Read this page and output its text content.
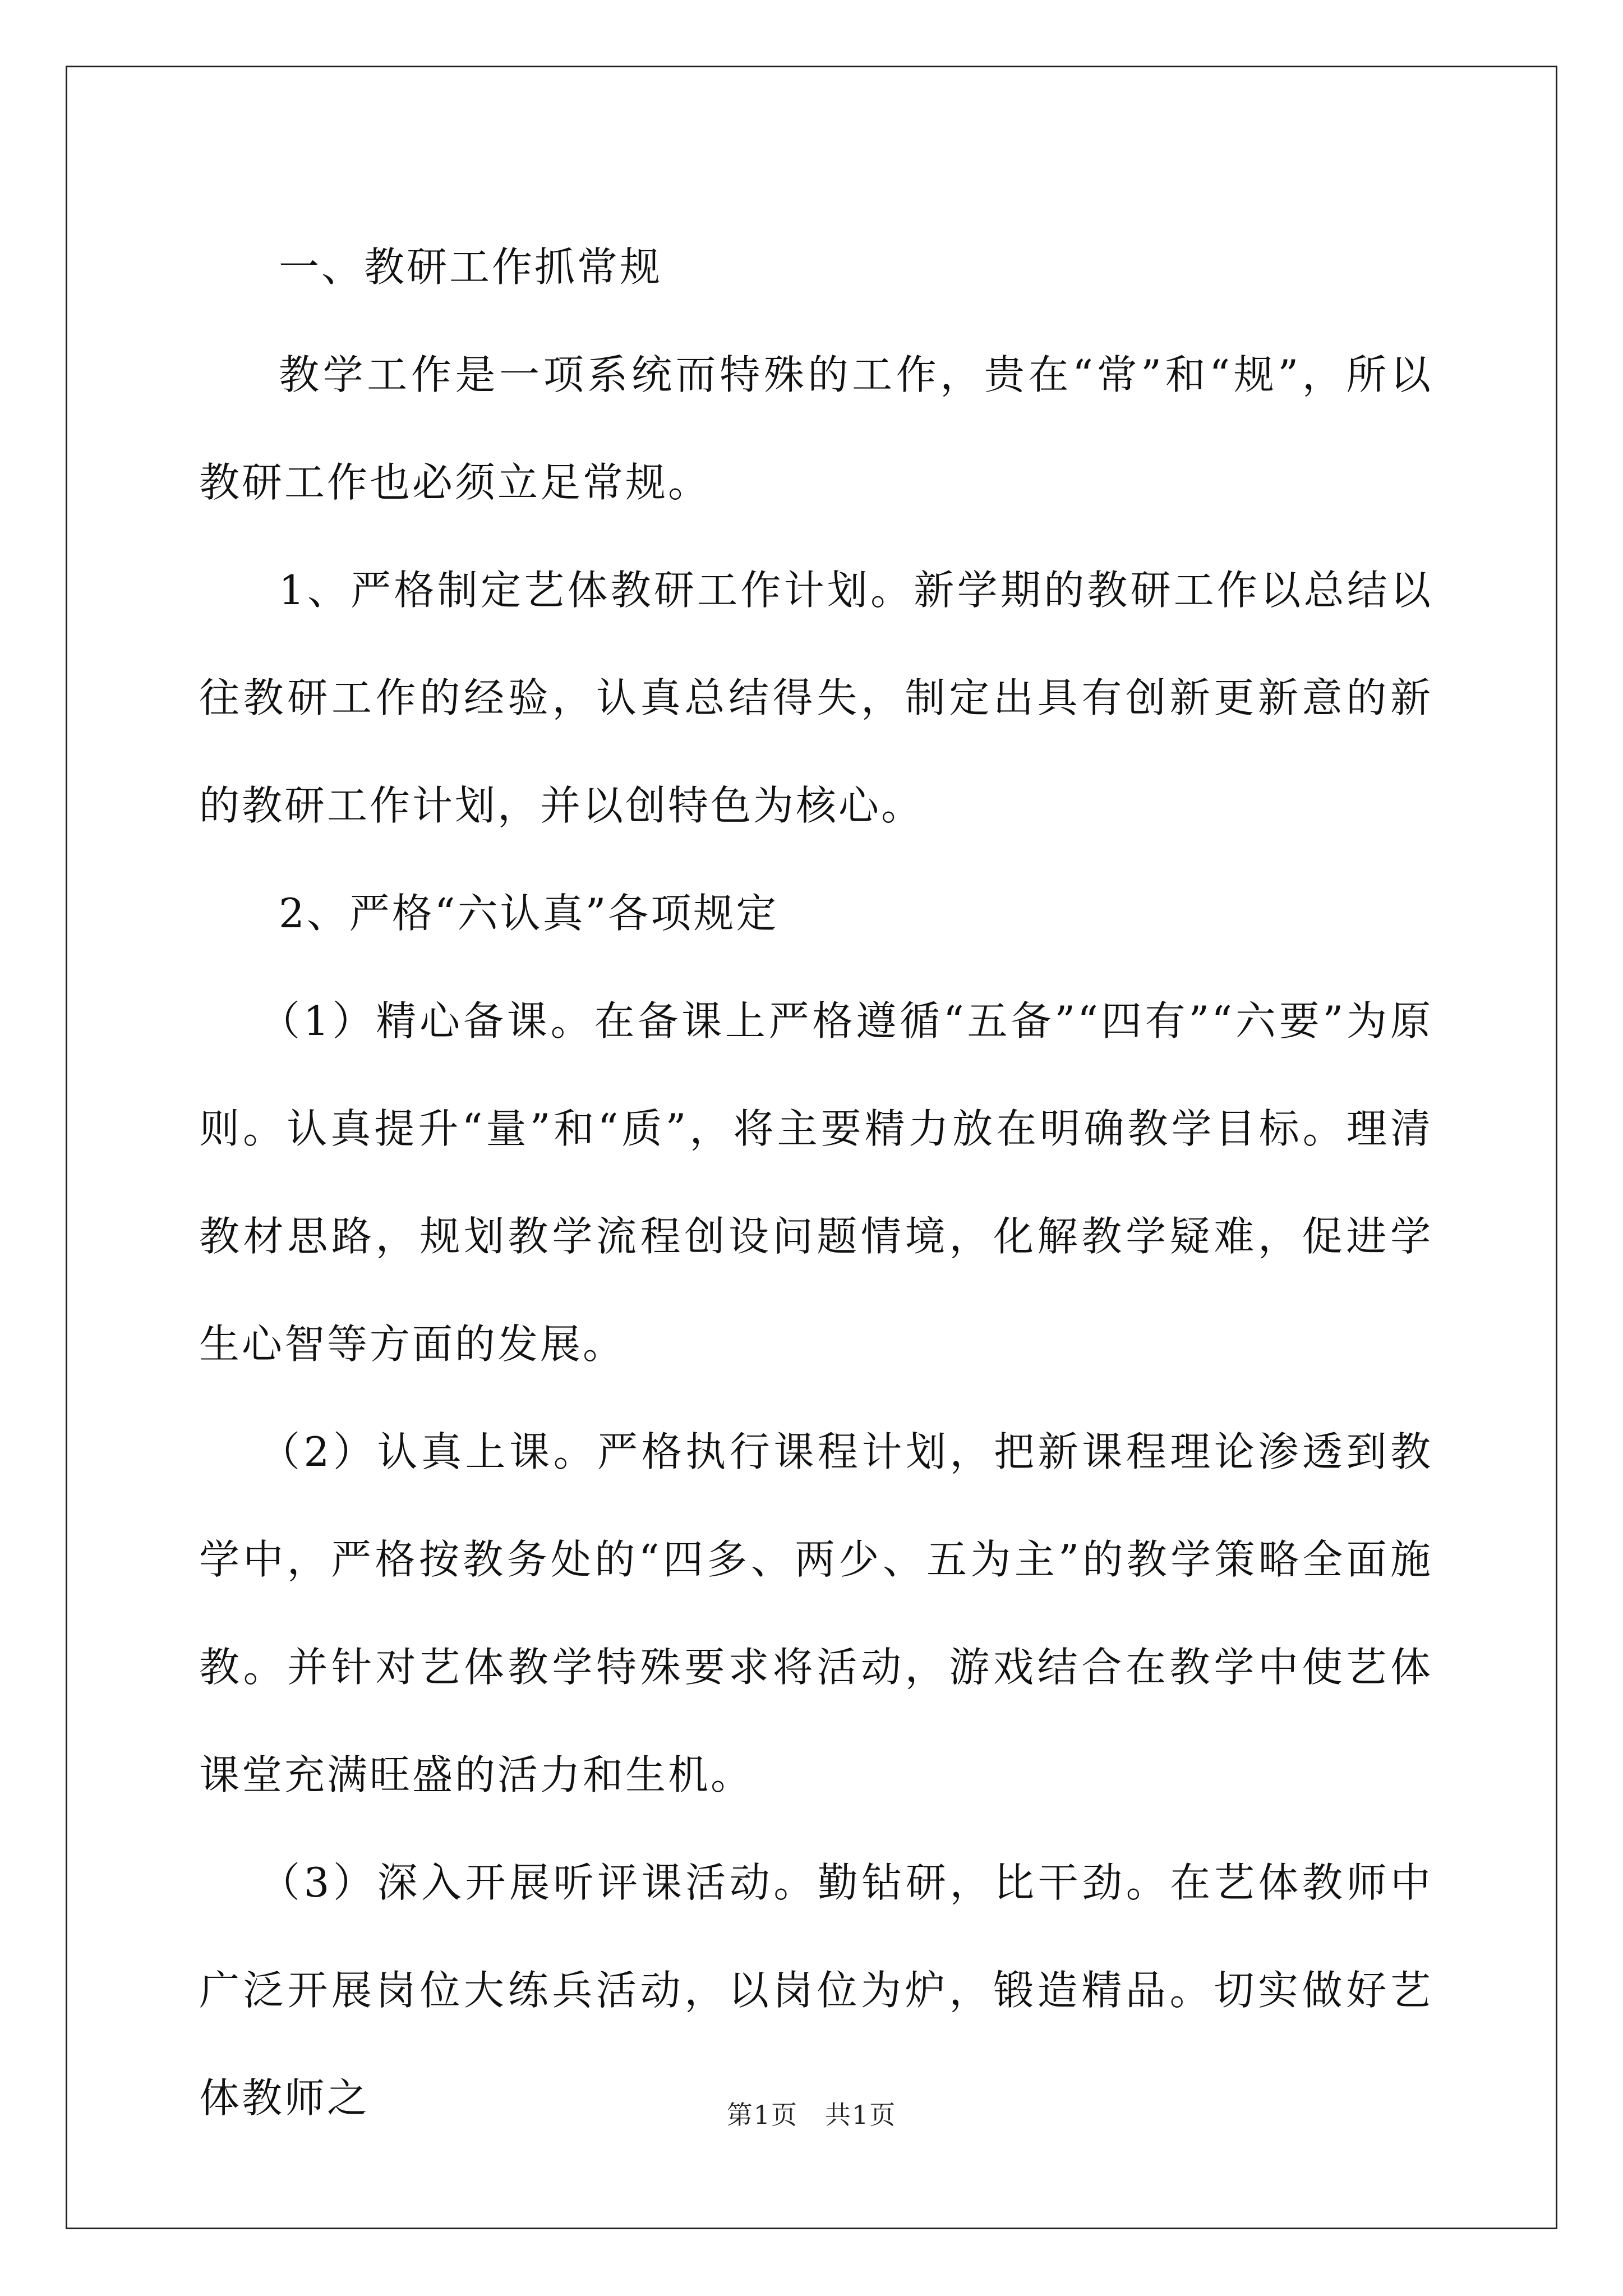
一、教研工作抓常规

教学工作是一项系统而特殊的工作，贵在“常”和“规”，所以教研工作也必须立足常规。

1、严格制定艺体教研工作计划。新学期的教研工作以总结以往教研工作的经验，认真总结得失，制定出具有创新更新意的新的教研工作计划，并以创特色为核心。

2、严格“六认真”各项规定

（1）精心备课。在备课上严格遵循“五备”“四有”“六要”为原则。认真提升“量”和“质”，将主要精力放在明确教学目标。理清教材思路，规划教学流程创设问题情境，化解教学疑难，促进学生心智等方面的发展。

（2）认真上课。严格执行课程计划，把新课程理论渗透到教学中，严格按教务处的“四多、两少、五为主”的教学策略全面施教。并针对艺体教学特殊要求将活动，游戏结合在教学中使艺体课堂充满旺盛的活力和生机。

（3）深入开展听评课活动。勤钻研，比干劲。在艺体教师中广泛开展岗位大练兵活动，以岗位为炉，锻造精品。切实做好艺体教师之	第1页 共1页
